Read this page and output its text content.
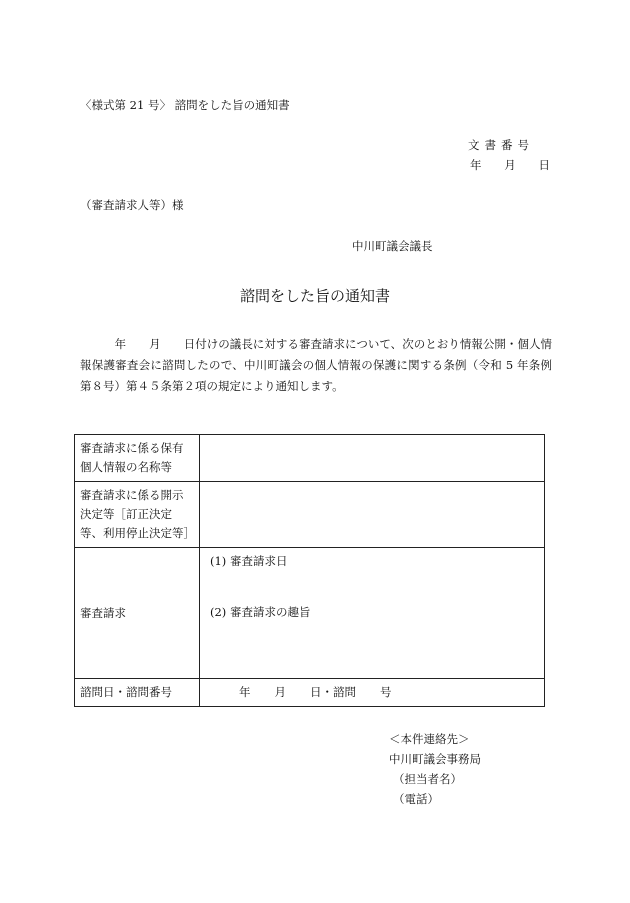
〈様式第 21 号〉 諮問をした旨の通知書
文書番号
年 月 日
（審査請求人等）様
中川町議会議長
諮問をした旨の通知書

　　　年　　月　　日付けの議長に対する審査請求について、次のとおり情報公開・個人情報保護審査会に諮問したので、中川町議会の個人情報の保護に関する条例（令和 5 年条例第８号）第４５条第２項の規定により通知します。

審査請求に係る保有個人情報の名称等	
審査請求に係る開示決定等［訂正決定等、利用停止決定等］	
審査請求	(1) 審査請求日
(2) 審査請求の趣旨

諮問日・諮問番号	年 月 日・諮問 号
＜本件連絡先＞
中川町議会事務局
（担当者名）
（電話）
